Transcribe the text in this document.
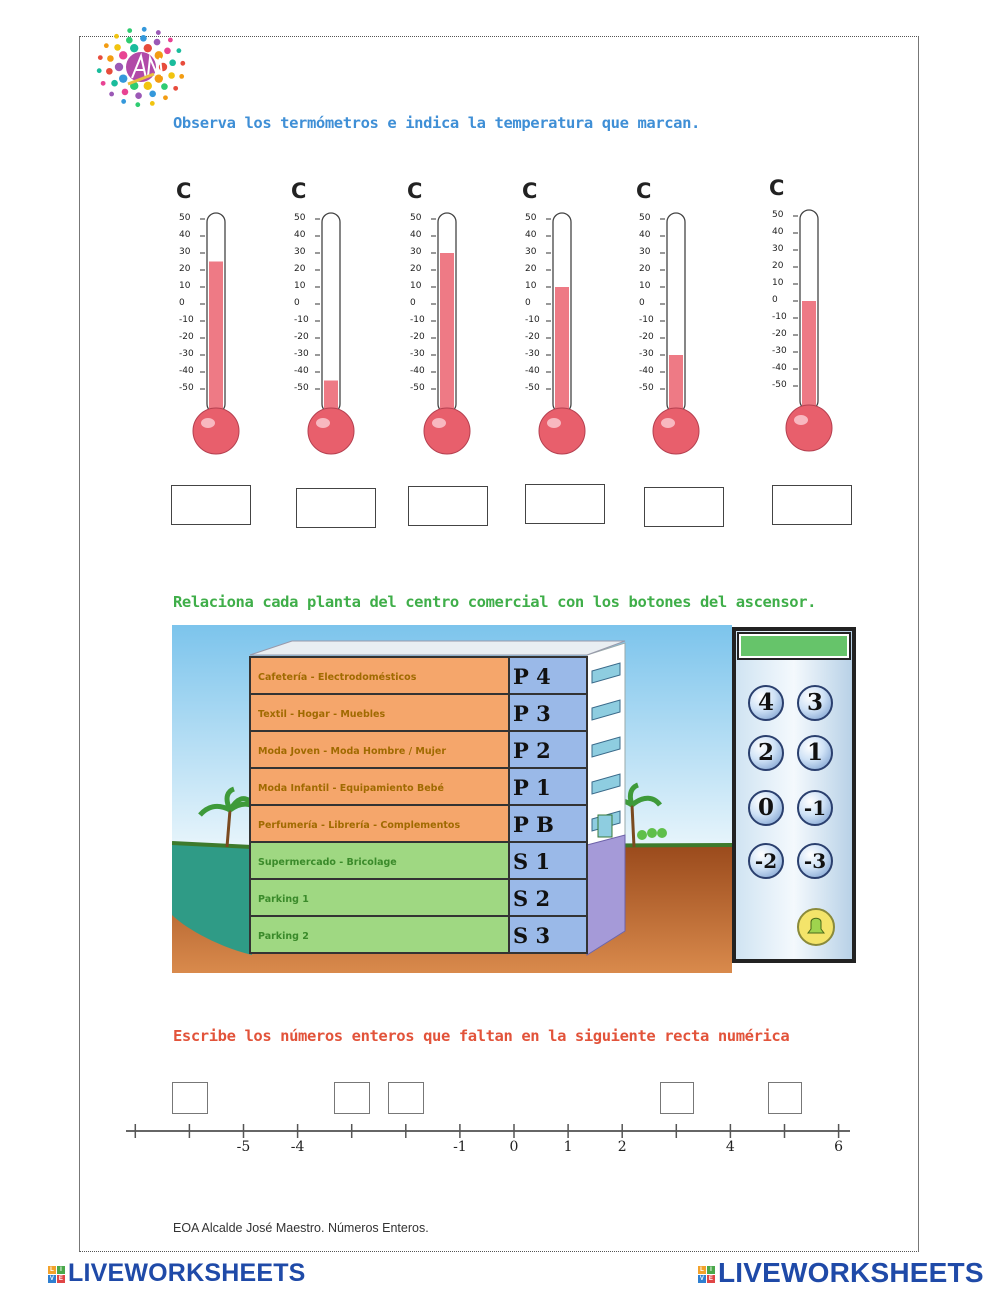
Observa los termómetros e indica la temperatura que marcan.
C
50
40
30
20
10
0
-10
-20
-30
-40
-50
C
50
40
30
20
10
0
-10
-20
-30
-40
-50
C
50
40
30
20
10
0
-10
-20
-30
-40
-50
C
50
40
30
20
10
0
-10
-20
-30
-40
-50
C
50
40
30
20
10
0
-10
-20
-30
-40
-50
C
50
40
30
20
10
0
-10
-20
-30
-40
-50
Relaciona cada planta del centro comercial con los botones del ascensor.
Cafetería - Electrodomésticos	P 4
Textil - Hogar - Muebles	P 3
Moda Joven - Moda Hombre / Mujer	P 2
Moda Infantil - Equipamiento Bebé	P 1
Perfumería - Librería - Complementos	P B
Supermercado - Bricolage	S 1
Parking 1	S 2
Parking 2	S 3
4	3
2	1
0	-1
-2	-3
Escribe los números enteros que faltan en la siguiente recta numérica
-5	-4	-1	0	1	2	4	6
EOA Alcalde José Maestro. Números Enteros.
L	I
V E LIVEWORKSHEETS	L	I
V E LIVEWORKSHEETS
